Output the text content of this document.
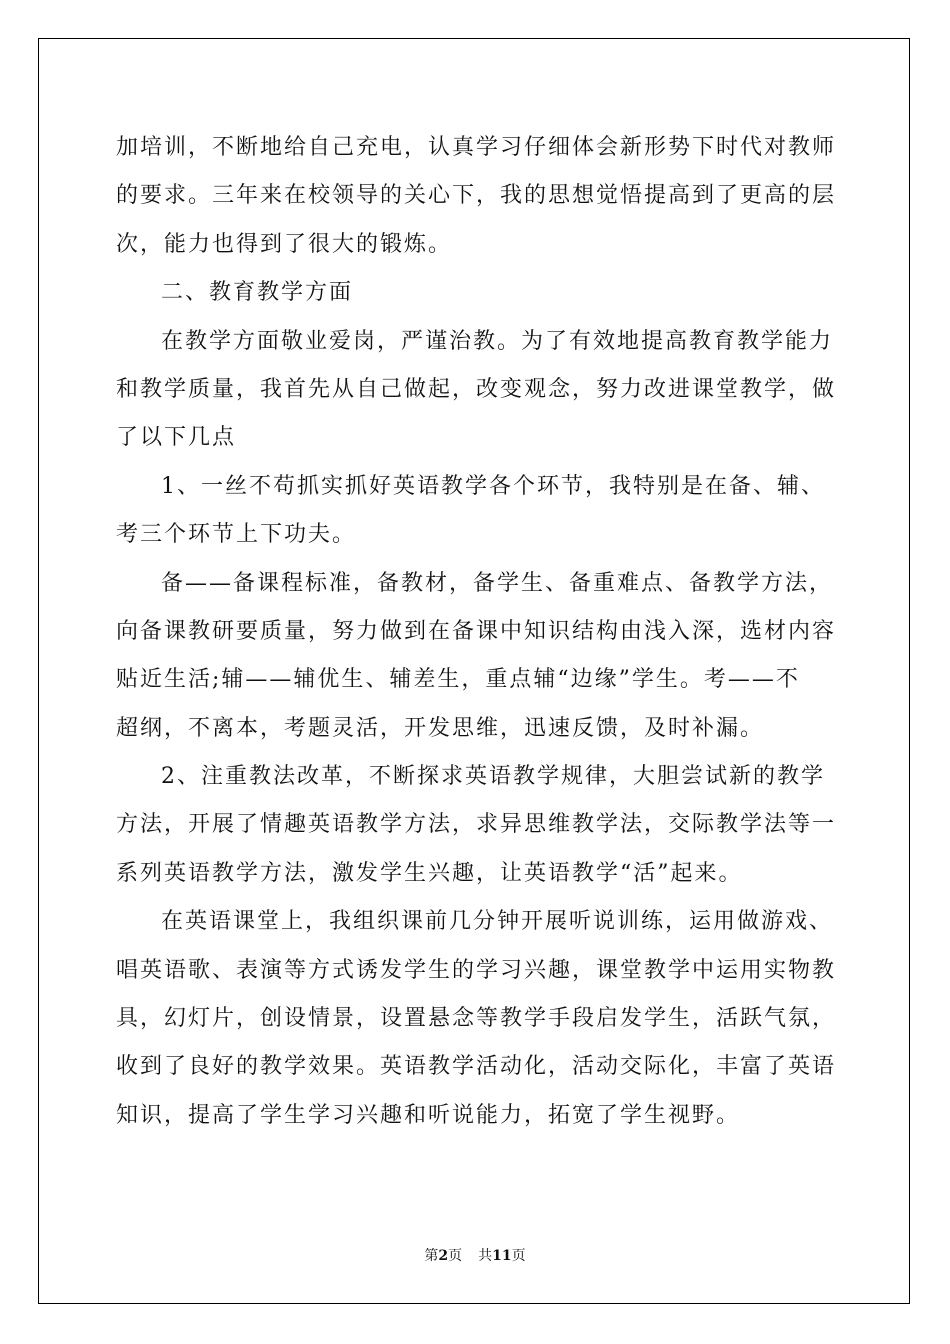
加培训，不断地给自己充电，认真学习仔细体会新形势下时代对教师
的要求。三年来在校领导的关心下，我的思想觉悟提高到了更高的层
次，能力也得到了很大的锻炼。
二、教育教学方面
在教学方面敬业爱岗，严谨治教。为了有效地提高教育教学能力
和教学质量，我首先从自己做起，改变观念，努力改进课堂教学，做
了以下几点
1、一丝不苟抓实抓好英语教学各个环节，我特别是在备、辅、
考三个环节上下功夫。
备——备课程标准，备教材，备学生、备重难点、备教学方法，
向备课教研要质量，努力做到在备课中知识结构由浅入深，选材内容
贴近生活;辅——辅优生、辅差生，重点辅“边缘”学生。考——不
超纲，不离本，考题灵活，开发思维，迅速反馈，及时补漏。
2、注重教法改革，不断探求英语教学规律，大胆尝试新的教学
方法，开展了情趣英语教学方法，求异思维教学法，交际教学法等一
系列英语教学方法，激发学生兴趣，让英语教学“活”起来。
在英语课堂上，我组织课前几分钟开展听说训练，运用做游戏、
唱英语歌、表演等方式诱发学生的学习兴趣，课堂教学中运用实物教
具，幻灯片，创设情景，设置悬念等教学手段启发学生，活跃气氛，
收到了良好的教学效果。英语教学活动化，活动交际化，丰富了英语
知识，提高了学生学习兴趣和听说能力，拓宽了学生视野。
第2页 共11页
